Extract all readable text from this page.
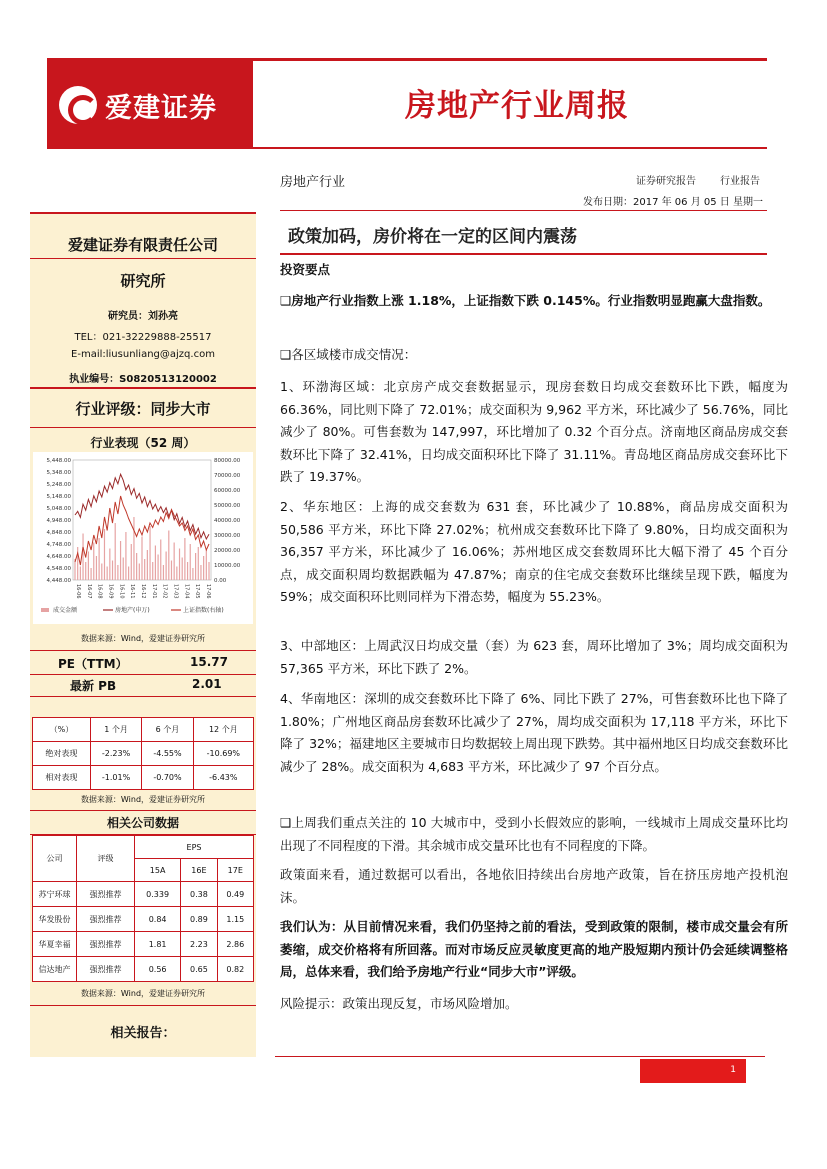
爱建证券	房地产行业周报
房地产行业	证券研究报告 行业报告
发布日期：2017 年 06 月 05 日 星期一
爱建证券有限责任公司
研究所
研究员：刘孙亮
TEL：021-32229888-25517
E-mail:liusunliang@ajzq.com
执业编号：S0820513120002
行业评级：同步大市
行业表现（52 周）
5,448.00
5,348.00
5,248.00
5,148.00
5,048.00
4,948.00
4,848.00
4,748.00
4,648.00
4,548.00
4,448.00
80000.00
70000.00
60000.00
50000.00
40000.00
30000.00
20000.00
10000.00
0.00
16-06 16-07 16-08 16-09 16-10 16-11 16-12 17-01 17-02 17-03 17-04 17-05 17-06
成交金额	房地产(申万)	上证指数(右轴)
数据来源：Wind，爱建证券研究所
PE（TTM）	15.77
最新 PB	2.01
（%）	1 个月	6 个月	12 个月
绝对表现	-2.23%	-4.55%	-10.69%
相对表现	-1.01%	-0.70%	-6.43%
数据来源：Wind，爱建证券研究所
相关公司数据
公司	评级	EPS		
		15A	16E	17E
苏宁环球	强烈推荐	0.339	0.38	0.49
华发股份	强烈推荐	0.84	0.89	1.15
华夏幸福	强烈推荐	1.81	2.23	2.86
信达地产	强烈推荐	0.56	0.65	0.82
数据来源：Wind，爱建证券研究所
相关报告：
政策加码，房价将在一定的区间内震荡
投资要点
❑房地产行业指数上涨 1.18%，上证指数下跌 0.145%。行业指数明显跑赢大盘指数。
❑各区域楼市成交情况：
1、环渤海区域：北京房产成交套数据显示，现房套数日均成交套数环比下跌，幅度为 66.36%，同比则下降了 72.01%；成交面积为 9,962 平方米，环比减少了 56.76%，同比减少了 80%。可售套数为 147,997，环比增加了 0.32 个百分点。济南地区商品房成交套数环比下降了 32.41%，日均成交面积环比下降了 31.11%。青岛地区商品房成交套环比下跌了 19.37%。
2、华东地区：上海的成交套数为 631 套，环比减少了 10.88%，商品房成交面积为 50,586 平方米，环比下降 27.02%；杭州成交套数环比下降了 9.80%，日均成交面积为 36,357 平方米，环比减少了 16.06%；苏州地区成交套数周环比大幅下滑了 45 个百分点，成交面积周均数据跌幅为 47.87%；南京的住宅成交套数环比继续呈现下跌，幅度为 59%；成交面积环比则同样为下滑态势，幅度为 55.23%。
3、中部地区：上周武汉日均成交量（套）为 623 套，周环比增加了 3%；周均成交面积为 57,365 平方米，环比下跌了 2%。
4、华南地区：深圳的成交套数环比下降了 6%、同比下跌了 27%，可售套数环比也下降了 1.80%；广州地区商品房套数环比减少了 27%，周均成交面积为 17,118 平方米，环比下降了 32%；福建地区主要城市日均数据较上周出现下跌势。其中福州地区日均成交套数环比减少了 28%。成交面积为 4,683 平方米，环比减少了 97 个百分点。
❑上周我们重点关注的 10 大城市中，受到小长假效应的影响，一线城市上周成交量环比均出现了不同程度的下滑。其余城市成交量环比也有不同程度的下降。
政策面来看，通过数据可以看出，各地依旧持续出台房地产政策，旨在挤压房地产投机泡沫。
我们认为：从目前情况来看，我们仍坚持之前的看法，受到政策的限制，楼市成交量会有所萎缩，成交价格将有所回落。而对市场反应灵敏度更高的地产股短期内预计仍会延续调整格局，总体来看，我们给予房地产行业“同步大市”评级。
风险提示：政策出现反复，市场风险增加。
1
